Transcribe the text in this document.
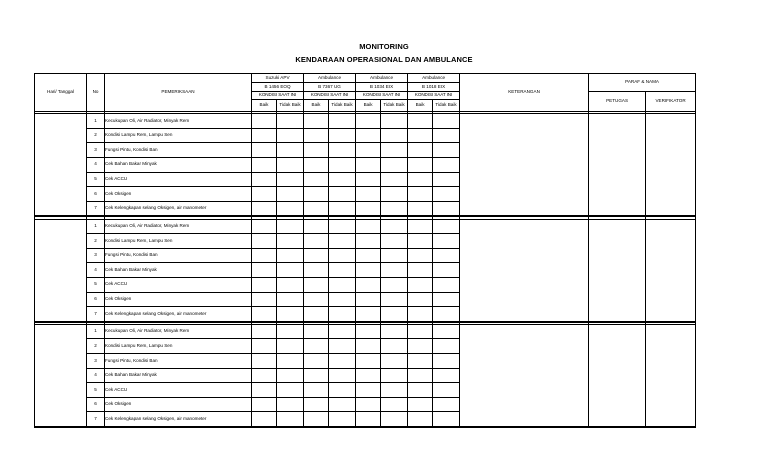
MONITORING
KENDARAAN OPERASIONAL DAN AMBULANCE
Hari/ Tanggal	No	PEMERIKSAAN	Suzuki APV		Ambulance		Ambulance		Ambulance		KETERANGAN	PARAF & NAMA	
			B 1456 EOQ		B 7367 UG		B 1034 EIX		B 1018 EIX				
			KONDISI SAAT INI		KONDISI SAAT INI		KONDISI SAAT INI		KONDISI SAAT INI			PETUGAS	VERIFIKATOR
			Baik	Tidak Baik	Baik	Tidak Baik	Baik	Tidak Baik	Baik	Tidak Baik			

	1	Kecukupan Oli, Air Radiator, Minyak Rem											
	2	Kondisi Lampu Rem, Lampu Sen											
	3	Fungsi Pintu, Kondisi Ban											
	4	Cek Bahan Bakar Minyak											
	5	Cek ACCU											
	6	Cek Oksigen											
	7	Cek Kelengkapan selang Oksigen, air manometer											

	1	Kecukupan Oli, Air Radiator, Minyak Rem											
	2	Kondisi Lampu Rem, Lampu Sen											
	3	Fungsi Pintu, Kondisi Ban											
	4	Cek Bahan Bakar Minyak											
	5	Cek ACCU											
	6	Cek Oksigen											
	7	Cek Kelengkapan selang Oksigen, air manometer											

	1	Kecukupan Oli, Air Radiator, Minyak Rem											
	2	Kondisi Lampu Rem, Lampu Sen											
	3	Fungsi Pintu, Kondisi Ban											
	4	Cek Bahan Bakar Minyak											
	5	Cek ACCU											
	6	Cek Oksigen											
	7	Cek Kelengkapan selang Oksigen, air manometer											
